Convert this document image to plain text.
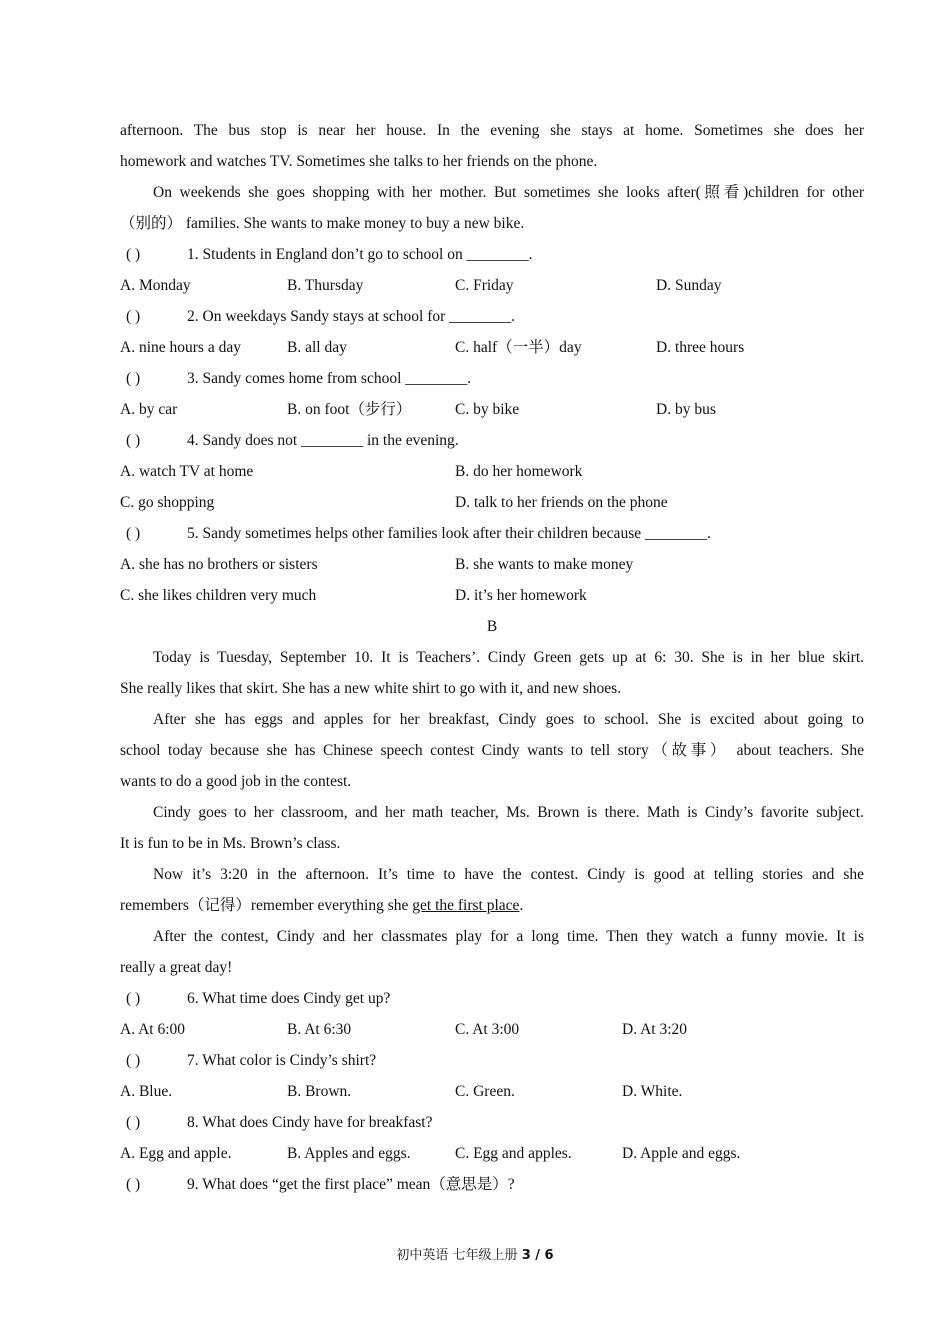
afternoon. The bus stop is near her house. In the evening she stays at home. Sometimes she does her
homework and watches TV. Sometimes she talks to her friends on the phone.
On weekends she goes shopping with her mother. But sometimes she looks after(照看)children for other
（别的） families. She wants to make money to buy a new bike.
( )	1. Students in England don’t go to school on ________.
A. Monday	B. Thursday	C. Friday	D. Sunday
( )	2. On weekdays Sandy stays at school for ________.
A. nine hours a day	B. all day	C. half（一半）day	D. three hours
( )	3. Sandy comes home from school ________.
A. by car	B. on foot（步行）	C. by bike	D. by bus
( )	4. Sandy does not ________ in the evening.
A. watch TV at home	B. do her homework
C. go shopping	D. talk to her friends on the phone
( )	5. Sandy sometimes helps other families look after their children because ________.
A. she has no brothers or sisters	B. she wants to make money
C. she likes children very much	D. it’s her homework
B
Today is Tuesday, September 10. It is Teachers’. Cindy Green gets up at 6: 30. She is in her blue skirt.
She really likes that skirt. She has a new white shirt to go with it, and new shoes.
After she has eggs and apples for her breakfast, Cindy goes to school. She is excited about going to
school today because she has Chinese speech contest Cindy wants to tell story（故事） about teachers. She
wants to do a good job in the contest.
Cindy goes to her classroom, and her math teacher, Ms. Brown is there. Math is Cindy’s favorite subject.
It is fun to be in Ms. Brown’s class.
Now it’s 3:20 in the afternoon. It’s time to have the contest. Cindy is good at telling stories and she
remembers（记得）remember everything she get the first place.
After the contest, Cindy and her classmates play for a long time. Then they watch a funny movie. It is
really a great day!
( )	6. What time does Cindy get up?
A. At 6:00	B. At 6:30	C. At 3:00	D. At 3:20
( )	7. What color is Cindy’s shirt?
A. Blue.	B. Brown.	C. Green.	D. White.
( )	8. What does Cindy have for breakfast?
A. Egg and apple.	B. Apples and eggs.	C. Egg and apples.	D. Apple and eggs.
( )	9. What does “get the first place” mean（意思是）?
初中英语 七年级上册 3 / 6
